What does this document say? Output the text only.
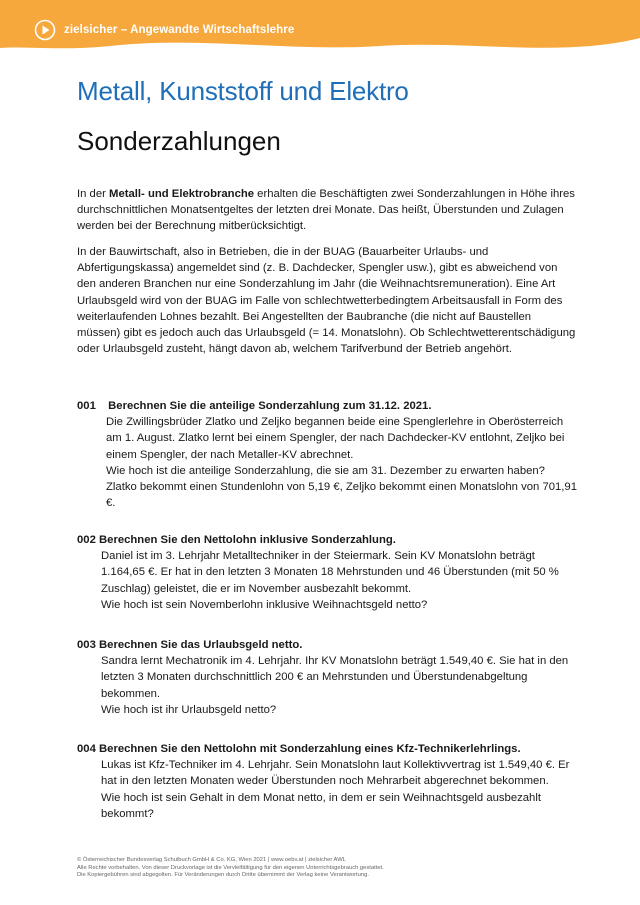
zielsicher – Angewandte Wirtschaftslehre
Metall, Kunststoff und Elektro
Sonderzahlungen

In der Metall- und Elektrobranche erhalten die Beschäftigten zwei Sonderzahlungen in Höhe ihres durchschnittlichen Monatsentgeltes der letzten drei Monate. Das heißt, Überstunden und Zulagen werden bei der Berechnung mitberücksichtigt.

In der Bauwirtschaft, also in Betrieben, die in der BUAG (Bauarbeiter Urlaubs- und Abfertigungskassa) angemeldet sind (z. B. Dachdecker, Spengler usw.), gibt es abweichend von den anderen Branchen nur eine Sonderzahlung im Jahr (die Weihnachtsremuneration). Eine Art Urlaubsgeld wird von der BUAG im Falle von schlechtwetterbedingtem Arbeitsausfall in Form des weiterlaufenden Lohnes bezahlt. Bei Angestellten der Baubranche (die nicht auf Baustellen müssen) gibt es jedoch auch das Urlaubsgeld (= 14. Monatslohn). Ob Schlechtwetterentschädigung oder Urlaubsgeld zusteht, hängt davon ab, welchem Tarifverbund der Betrieb angehört.

001 Berechnen Sie die anteilige Sonderzahlung zum 31.12. 2021.

Die Zwillingsbrüder Zlatko und Zeljko begannen beide eine Spenglerlehre in Oberösterreich am 1. August. Zlatko lernt bei einem Spengler, der nach Dachdecker-KV entlohnt, Zeljko bei einem Spengler, der nach Metaller-KV abrechnet.

Wie hoch ist die anteilige Sonderzahlung, die sie am 31. Dezember zu erwarten haben? Zlatko bekommt einen Stundenlohn von 5,19 €, Zeljko bekommt einen Monatslohn von 701,91 €.

002 Berechnen Sie den Nettolohn inklusive Sonderzahlung.

Daniel ist im 3. Lehrjahr Metalltechniker in der Steiermark. Sein KV Monatslohn beträgt 1.164,65 €. Er hat in den letzten 3 Monaten 18 Mehrstunden und 46 Überstunden (mit 50 % Zuschlag) geleistet, die er im November ausbezahlt bekommt.

Wie hoch ist sein Novemberlohn inklusive Weihnachtsgeld netto?

003 Berechnen Sie das Urlaubsgeld netto.

Sandra lernt Mechatronik im 4. Lehrjahr. Ihr KV Monatslohn beträgt 1.549,40 €. Sie hat in den letzten 3 Monaten durchschnittlich 200 € an Mehrstunden und Überstundenabgeltung bekommen.

Wie hoch ist ihr Urlaubsgeld netto?

004 Berechnen Sie den Nettolohn mit Sonderzahlung eines Kfz-Technikerlehrlings.

Lukas ist Kfz-Techniker im 4. Lehrjahr. Sein Monatslohn laut Kollektivvertrag ist 1.549,40 €. Er hat in den letzten Monaten weder Überstunden noch Mehrarbeit abgerechnet bekommen.

Wie hoch ist sein Gehalt in dem Monat netto, in dem er sein Weihnachtsgeld ausbezahlt bekommt?

© Österreichischer Bundesverlag Schulbuch GmbH & Co. KG, Wien 2021 | www.oebv.at | zielsicher AWL

Alle Rechte vorbehalten. Von dieser Druckvorlage ist die Vervielfältigung für den eigenen Unterrichtsgebrauch gestattet.

Die Kopiergebühren sind abgegolten. Für Veränderungen durch Dritte übernimmt der Verlag keine Verantwortung.
